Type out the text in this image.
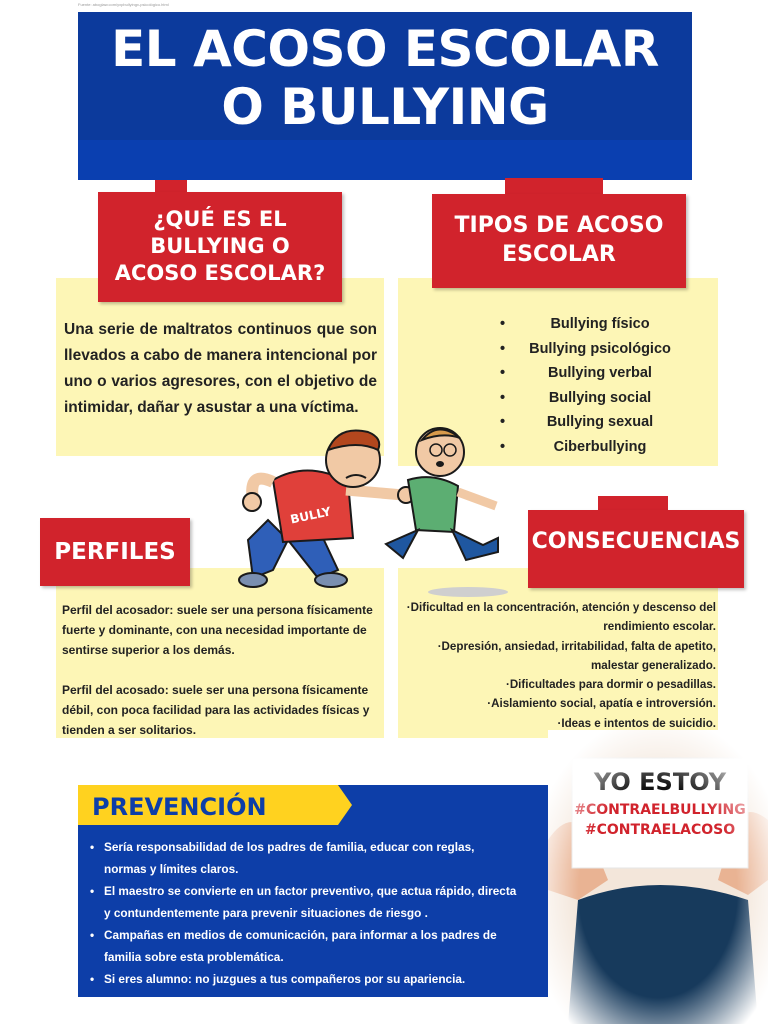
Fuente: aboglaw.com/yxpbullyingx-psicológico.html
EL ACOSO ESCOLAR
O BULLYING
¿QUÉ ES EL
BULLYING O
ACOSO ESCOLAR?
Una serie de maltratos continuos que son llevados a cabo de manera intencional por uno o varios agresores, con el objetivo de intimidar, dañar y asustar a una víctima.
TIPOS DE ACOSO
ESCOLAR
•	Bullying físico
• Bullying psicológico
•	Bullying verbal
•	Bullying social
•	Bullying sexual
•	Ciberbullying
PERFILES

Perfil del acosador: suele ser una persona físicamente fuerte y dominante, con una necesidad importante de sentirse superior a los demás.

Perfil del acosado: suele ser una persona físicamente débil, con poca facilidad para las actividades físicas y tienden a ser solitarios.

CONSECUENCIAS

·Dificultad en la concentración, atención y descenso del rendimiento escolar.

·Depresión, ansiedad, irritabilidad, falta de apetito, malestar generalizado.

·Dificultades para dormir o pesadillas.

·Aislamiento social, apatía e introversión.

·Ideas e intentos de suicidio.

BULLY
PREVENCIÓN
• Sería responsabilidad de los padres de familia, educar con reglas, normas y límites claros.
• El maestro se convierte en un factor preventivo, que actua rápido, directa y contundentemente para prevenir situaciones de riesgo .
• Campañas en medios de comunicación, para informar a los padres de familia sobre esta problemática.
• Si eres alumno: no juzgues a tus compañeros por su apariencia.
